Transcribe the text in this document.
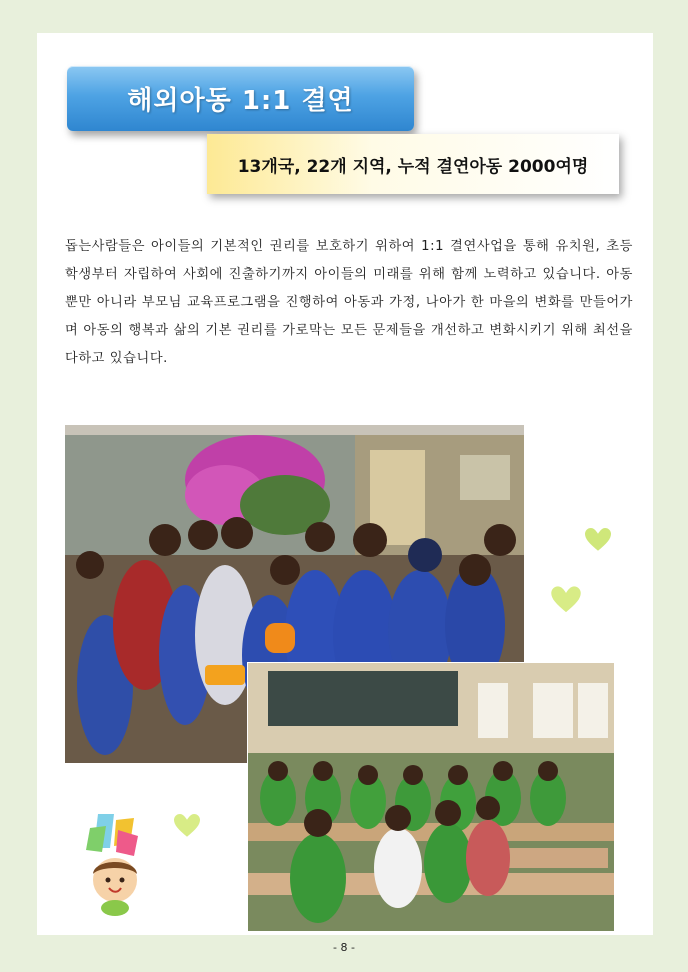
해외아동 1:1 결연
13개국, 22개 지역, 누적 결연아동 2000여명

돕는사람들은 아이들의 기본적인 권리를 보호하기 위하여 1:1 결연사업을 통해 유치원, 초등학생부터 자립하여 사회에 진출하기까지 아이들의 미래를 위해 함께 노력하고 있습니다. 아동 뿐만 아니라 부모님 교육프로그램을 진행하여 아동과 가정, 나아가 한 마을의 변화를 만들어가며 아동의 행복과 삶의 기본 권리를 가로막는 모든 문제들을 개선하고 변화시키기 위해 최선을 다하고 있습니다.

- 8 -
